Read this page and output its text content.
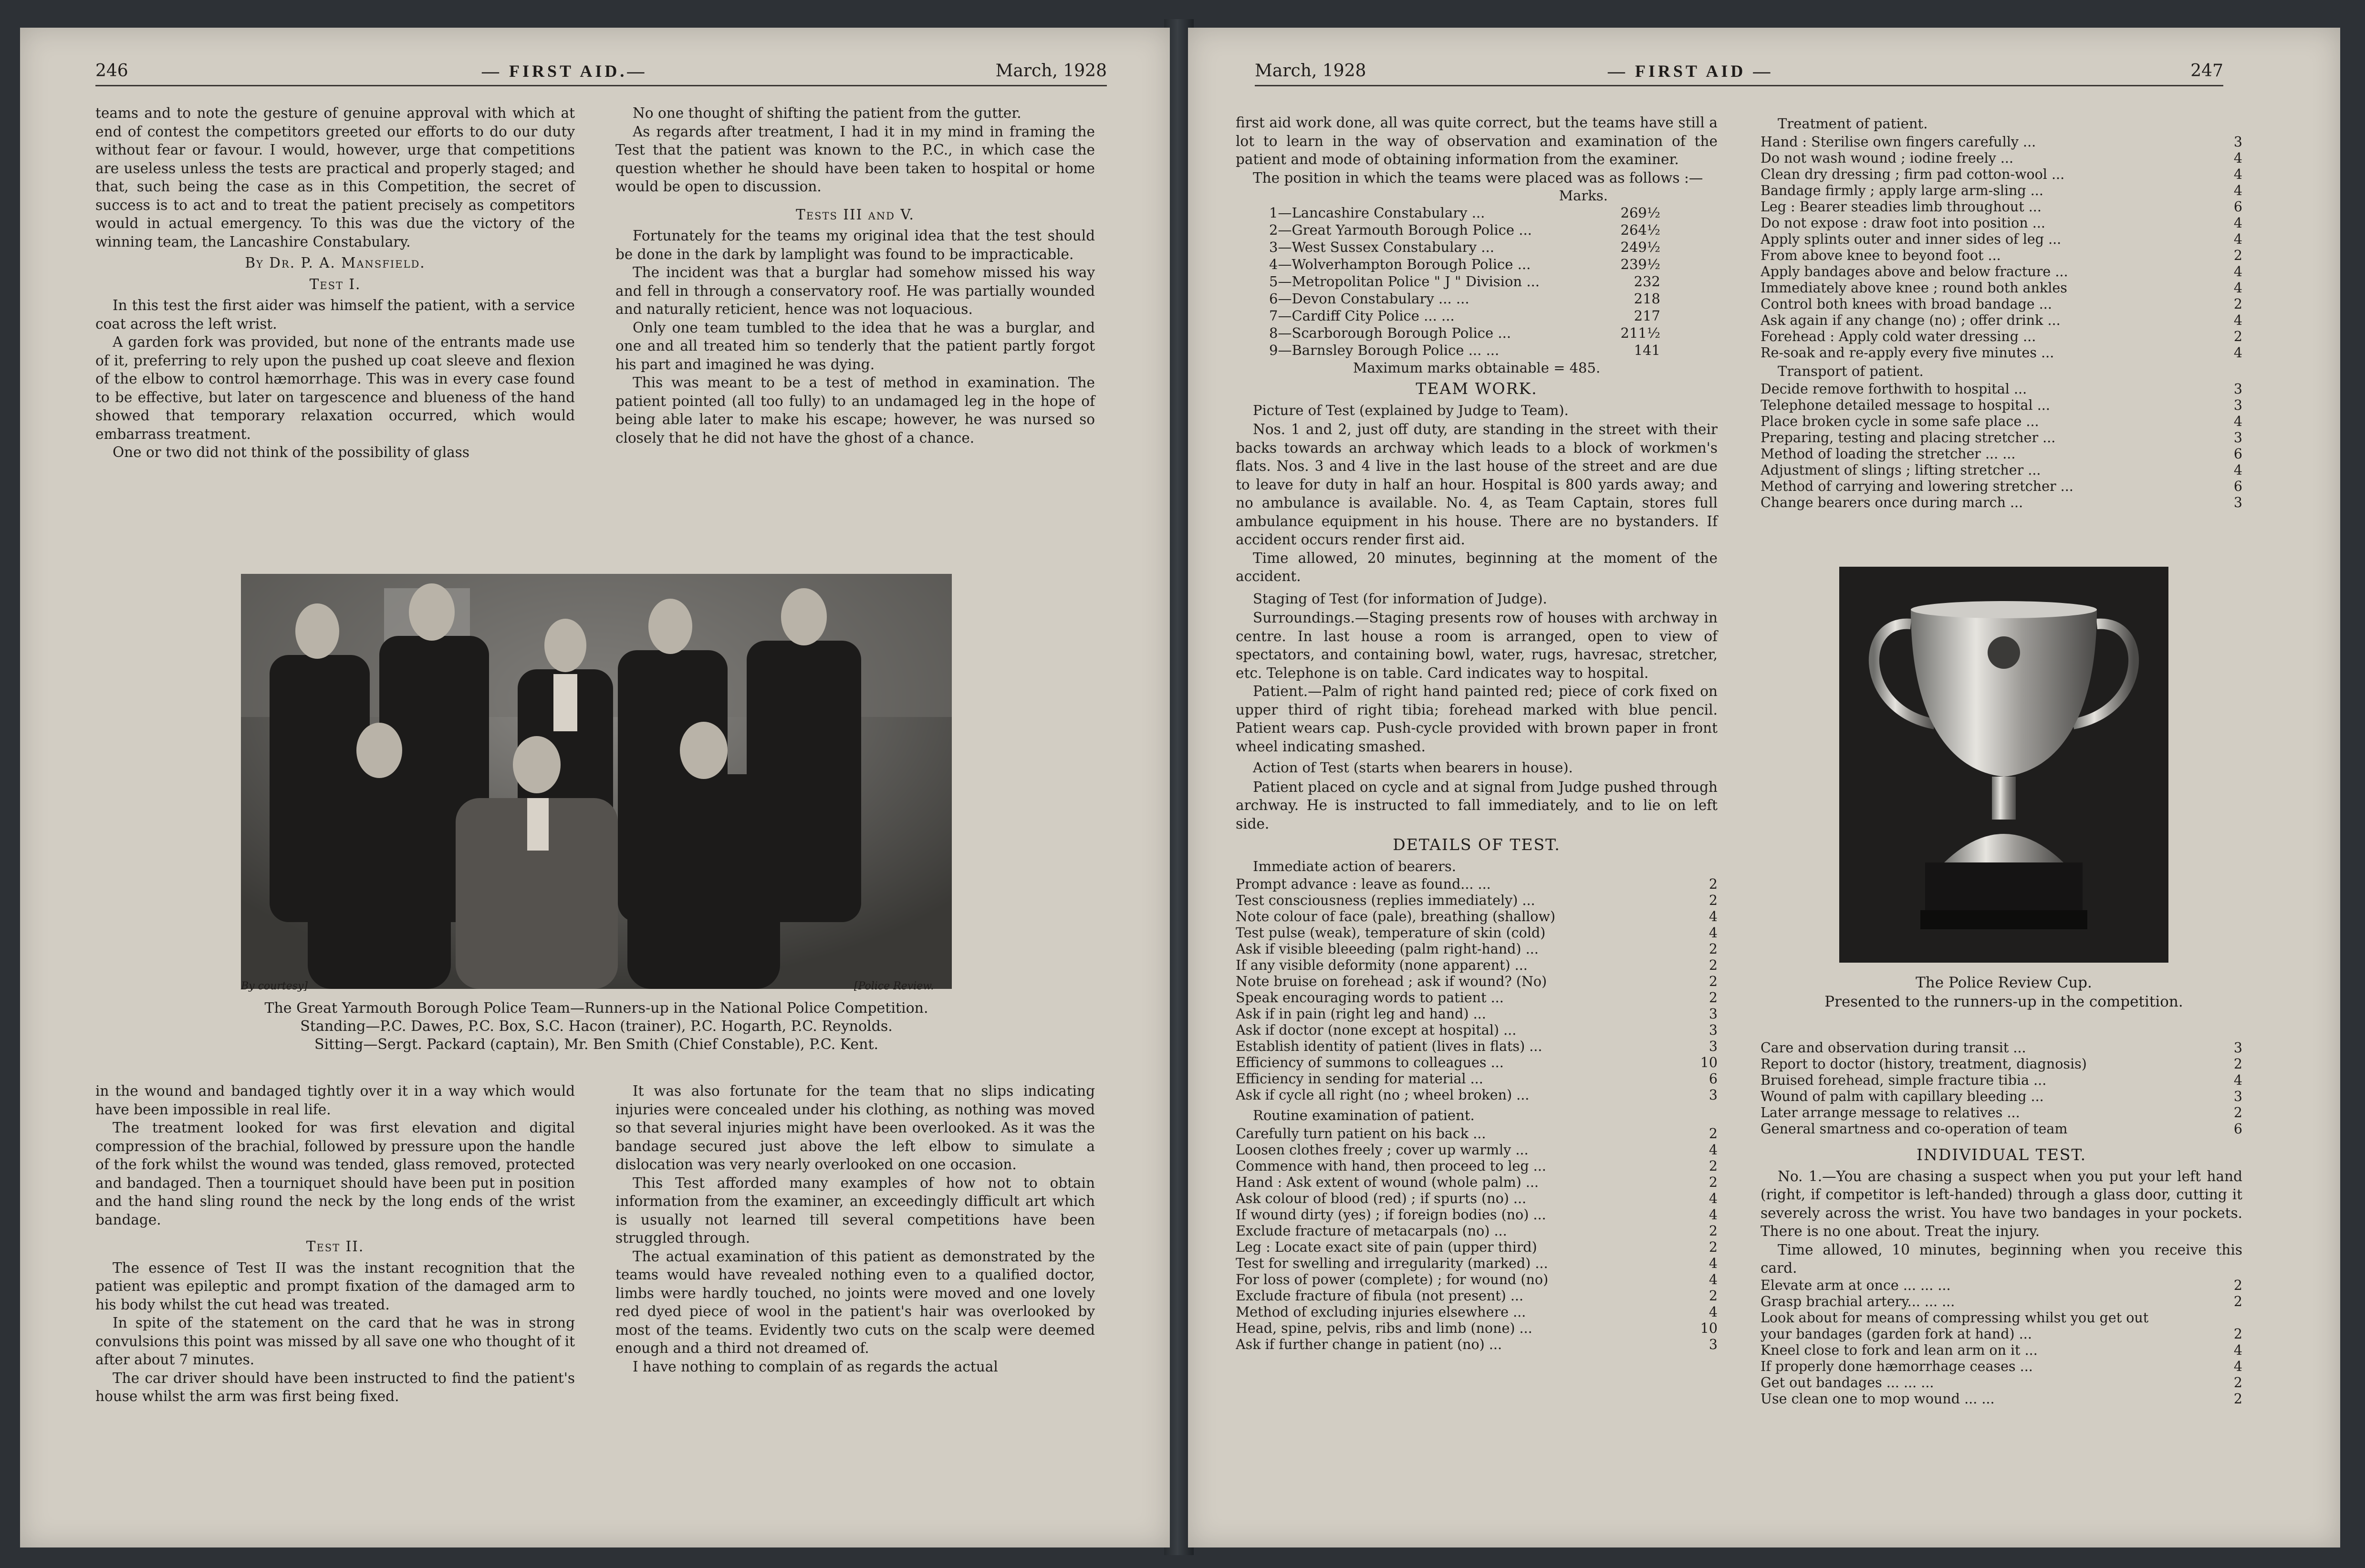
246	— FIRST AID.—	March, 1928

teams and to note the gesture of genuine approval with which at end of contest the competitors greeted our efforts to do our duty without fear or favour. I would, however, urge that competitions are useless unless the tests are practical and properly staged; and that, such being the case as in this Competition, the secret of success is to act and to treat the patient precisely as competitors would in actual emergency. To this was due the victory of the winning team, the Lancashire Constabulary.

By Dr. P. A. Mansfield.

Test I.

In this test the first aider was himself the patient, with a service coat across the left wrist.

A garden fork was provided, but none of the entrants made use of it, preferring to rely upon the pushed up coat sleeve and flexion of the elbow to control hæmorrhage. This was in every case found to be effective, but later on targescence and blueness of the hand showed that temporary relaxation occurred, which would embarrass treatment.

One or two did not think of the possibility of glass

No one thought of shifting the patient from the gutter.

As regards after treatment, I had it in my mind in framing the Test that the patient was known to the P.C., in which case the question whether he should have been taken to hospital or home would be open to discussion.

Tests III and V.

Fortunately for the teams my original idea that the test should be done in the dark by lamplight was found to be impracticable.

The incident was that a burglar had somehow missed his way and fell in through a conservatory roof. He was partially wounded and naturally reticient, hence was not loquacious.

Only one team tumbled to the idea that he was a burglar, and one and all treated him so tenderly that the patient partly forgot his part and imagined he was dying.

This was meant to be a test of method in examination. The patient pointed (all too fully) to an undamaged leg in the hope of being able later to make his escape; however, he was nursed so closely that he did not have the ghost of a chance.

By courtesy]	[Police Review.
The Great Yarmouth Borough Police Team—Runners-up in the National Police Competition.
Standing—P.C. Dawes, P.C. Box, S.C. Hacon (trainer), P.C. Hogarth, P.C. Reynolds.
Sitting—Sergt. Packard (captain), Mr. Ben Smith (Chief Constable), P.C. Kent.

in the wound and bandaged tightly over it in a way which would have been impossible in real life.

The treatment looked for was first elevation and digital compression of the brachial, followed by pressure upon the handle of the fork whilst the wound was tended, glass removed, protected and bandaged. Then a tourniquet should have been put in position and the hand sling round the neck by the long ends of the wrist bandage.

Test II.

The essence of Test II was the instant recognition that the patient was epileptic and prompt fixation of the damaged arm to his body whilst the cut head was treated.

In spite of the statement on the card that he was in strong convulsions this point was missed by all save one who thought of it after about 7 minutes.

The car driver should have been instructed to find the patient's house whilst the arm was first being fixed.

It was also fortunate for the team that no slips indicating injuries were concealed under his clothing, as nothing was moved so that several injuries might have been overlooked. As it was the bandage secured just above the left elbow to simulate a dislocation was very nearly overlooked on one occasion.

This Test afforded many examples of how not to obtain information from the examiner, an exceedingly difficult art which is usually not learned till several competitions have been struggled through.

The actual examination of this patient as demonstrated by the teams would have revealed nothing even to a qualified doctor, limbs were hardly touched, no joints were moved and one lovely red dyed piece of wool in the patient's hair was overlooked by most of the teams. Evidently two cuts on the scalp were deemed enough and a third not dreamed of.

I have nothing to complain of as regards the actual

March, 1928	— FIRST AID —	247

first aid work done, all was quite correct, but the teams have still a lot to learn in the way of observation and examination of the patient and mode of obtaining information from the examiner.

The position in which the teams were placed was as follows :—

Marks.
1—Lancashire Constabulary ...	269½
2—Great Yarmouth Borough Police ...	264½
3—West Sussex Constabulary ...	249½
4—Wolverhampton Borough Police ...	239½
5—Metropolitan Police " J " Division ...	232
6—Devon Constabulary ... ...	218
7—Cardiff City Police ... ...	217
8—Scarborough Borough Police ...	211½
9—Barnsley Borough Police ... ...	141
Maximum marks obtainable = 485.

TEAM WORK.

Picture of Test (explained by Judge to Team).

Nos. 1 and 2, just off duty, are standing in the street with their backs towards an archway which leads to a block of workmen's flats. Nos. 3 and 4 live in the last house of the street and are due to leave for duty in half an hour. Hospital is 800 yards away; and no ambulance is available. No. 4, as Team Captain, stores full ambulance equipment in his house. There are no bystanders. If accident occurs render first aid.

Time allowed, 20 minutes, beginning at the moment of the accident.

Staging of Test (for information of Judge).

Surroundings.—Staging presents row of houses with archway in centre. In last house a room is arranged, open to view of spectators, and containing bowl, water, rugs, havresac, stretcher, etc. Telephone is on table. Card indicates way to hospital.

Patient.—Palm of right hand painted red; piece of cork fixed on upper third of right tibia; forehead marked with blue pencil. Patient wears cap. Push-cycle provided with brown paper in front wheel indicating smashed.

Action of Test (starts when bearers in house).

Patient placed on cycle and at signal from Judge pushed through archway. He is instructed to fall immediately, and to lie on left side.

DETAILS OF TEST.

Immediate action of bearers.

Prompt advance : leave as found... ...	2
Test consciousness (replies immediately) ...	2
Note colour of face (pale), breathing (shallow)	4
Test pulse (weak), temperature of skin (cold)	4
Ask if visible bleeeding (palm right-hand) ...	2
If any visible deformity (none apparent) ...	2
Note bruise on forehead ; ask if wound? (No)	2
Speak encouraging words to patient ...	2
Ask if in pain (right leg and hand) ...	3
Ask if doctor (none except at hospital) ...	3
Establish identity of patient (lives in flats) ...	3
Efficiency of summons to colleagues ...	10
Efficiency in sending for material ...	6
Ask if cycle all right (no ; wheel broken) ...	3

Routine examination of patient.

Carefully turn patient on his back ...	2
Loosen clothes freely ; cover up warmly ...	4
Commence with hand, then proceed to leg ...	2
Hand : Ask extent of wound (whole palm) ...	2
Ask colour of blood (red) ; if spurts (no) ...	4
If wound dirty (yes) ; if foreign bodies (no) ...	4
Exclude fracture of metacarpals (no) ...	2
Leg : Locate exact site of pain (upper third)	2
Test for swelling and irregularity (marked) ...	4
For loss of power (complete) ; for wound (no)	4
Exclude fracture of fibula (not present) ...	2
Method of excluding injuries elsewhere ...	4
Head, spine, pelvis, ribs and limb (none) ...	10
Ask if further change in patient (no) ...	3

Treatment of patient.

Hand : Sterilise own fingers carefully ...	3
Do not wash wound ; iodine freely ...	4
Clean dry dressing ; firm pad cotton-wool ...	4
Bandage firmly ; apply large arm-sling ...	4
Leg : Bearer steadies limb throughout ...	6
Do not expose : draw foot into position ...	4
Apply splints outer and inner sides of leg ...	4
From above knee to beyond foot ...	2
Apply bandages above and below fracture ...	4
Immediately above knee ; round both ankles	4
Control both knees with broad bandage ...	2
Ask again if any change (no) ; offer drink ...	4
Forehead : Apply cold water dressing ...	2
Re-soak and re-apply every five minutes ...	4

Transport of patient.

Decide remove forthwith to hospital ...	3
Telephone detailed message to hospital ...	3
Place broken cycle in some safe place ...	4
Preparing, testing and placing stretcher ...	3
Method of loading the stretcher ... ...	6
Adjustment of slings ; lifting stretcher ...	4
Method of carrying and lowering stretcher ...	6
Change bearers once during march ...	3
The Police Review Cup.
Presented to the runners-up in the competition.
Care and observation during transit ...	3
Report to doctor (history, treatment, diagnosis)	2
Bruised forehead, simple fracture tibia ...	4
Wound of palm with capillary bleeding ...	3
Later arrange message to relatives ...	2
General smartness and co-operation of team	6

INDIVIDUAL TEST.

No. 1.—You are chasing a suspect when you put your left hand (right, if competitor is left-handed) through a glass door, cutting it severely across the wrist. You have two bandages in your pockets. There is no one about. Treat the injury.

Time allowed, 10 minutes, beginning when you receive this card.

Elevate arm at once ... ... ...	2
Grasp brachial artery... ... ...	2
Look about for means of compressing whilst you get out
your bandages (garden fork at hand) ...	2
Kneel close to fork and lean arm on it ...	4
If properly done hæmorrhage ceases ...	4
Get out bandages ... ... ...	2
Use clean one to mop wound ... ...	2
